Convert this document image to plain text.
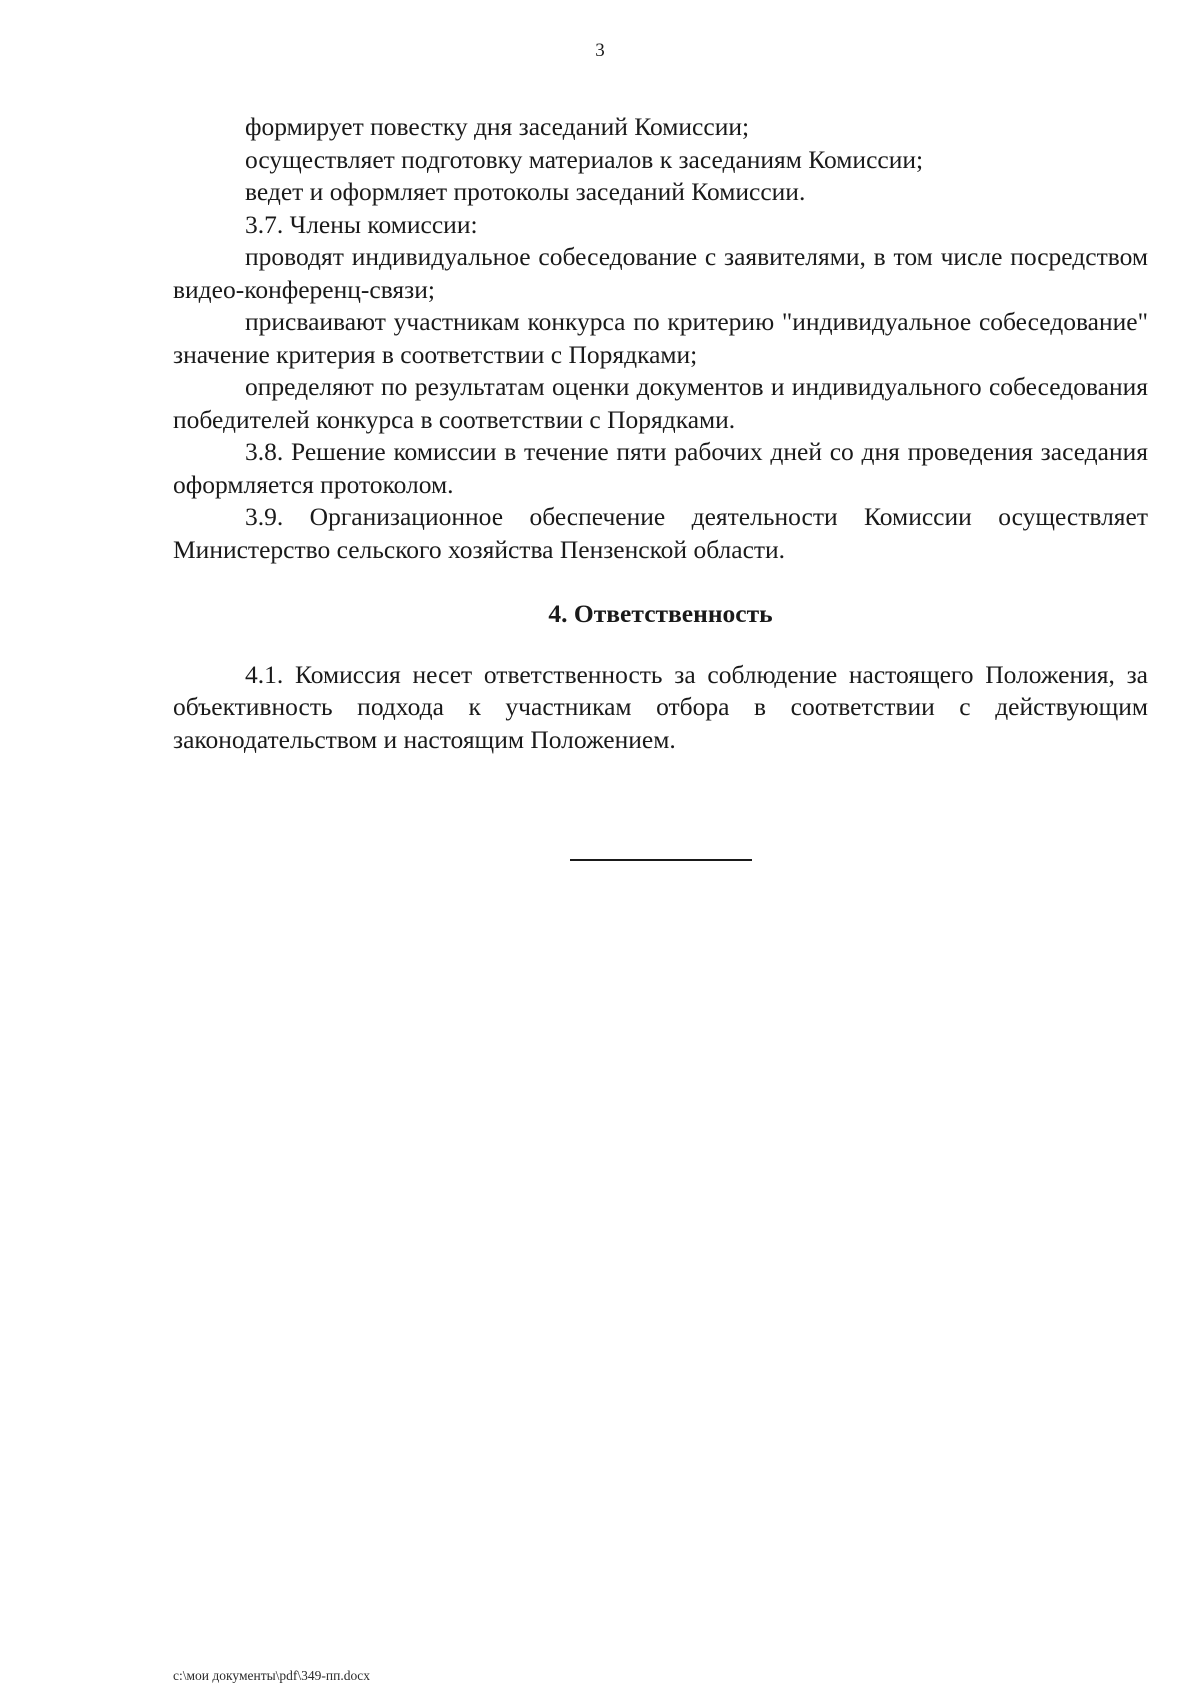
3

формирует повестку дня заседаний Комиссии;

осуществляет подготовку материалов к заседаниям Комиссии;

ведет и оформляет протоколы заседаний Комиссии.

3.7. Члены комиссии:

проводят индивидуальное собеседование с заявителями, в том числе посредством видео-конференц-связи;

присваивают участникам конкурса по критерию "индивидуальное собеседование" значение критерия в соответствии с Порядками;

определяют по результатам оценки документов и индивидуального собеседования победителей конкурса в соответствии с Порядками.

3.8. Решение комиссии в течение пяти рабочих дней со дня проведения заседания оформляется протоколом.

3.9. Организационное обеспечение деятельности Комиссии осуществляет Министерство сельского хозяйства Пензенской области.

4. Ответственность

4.1. Комиссия несет ответственность за соблюдение настоящего Положения, за объективность подхода к участникам отбора в соответствии с действующим законодательством и настоящим Положением.

c:\мои документы\pdf\349-пп.docx
